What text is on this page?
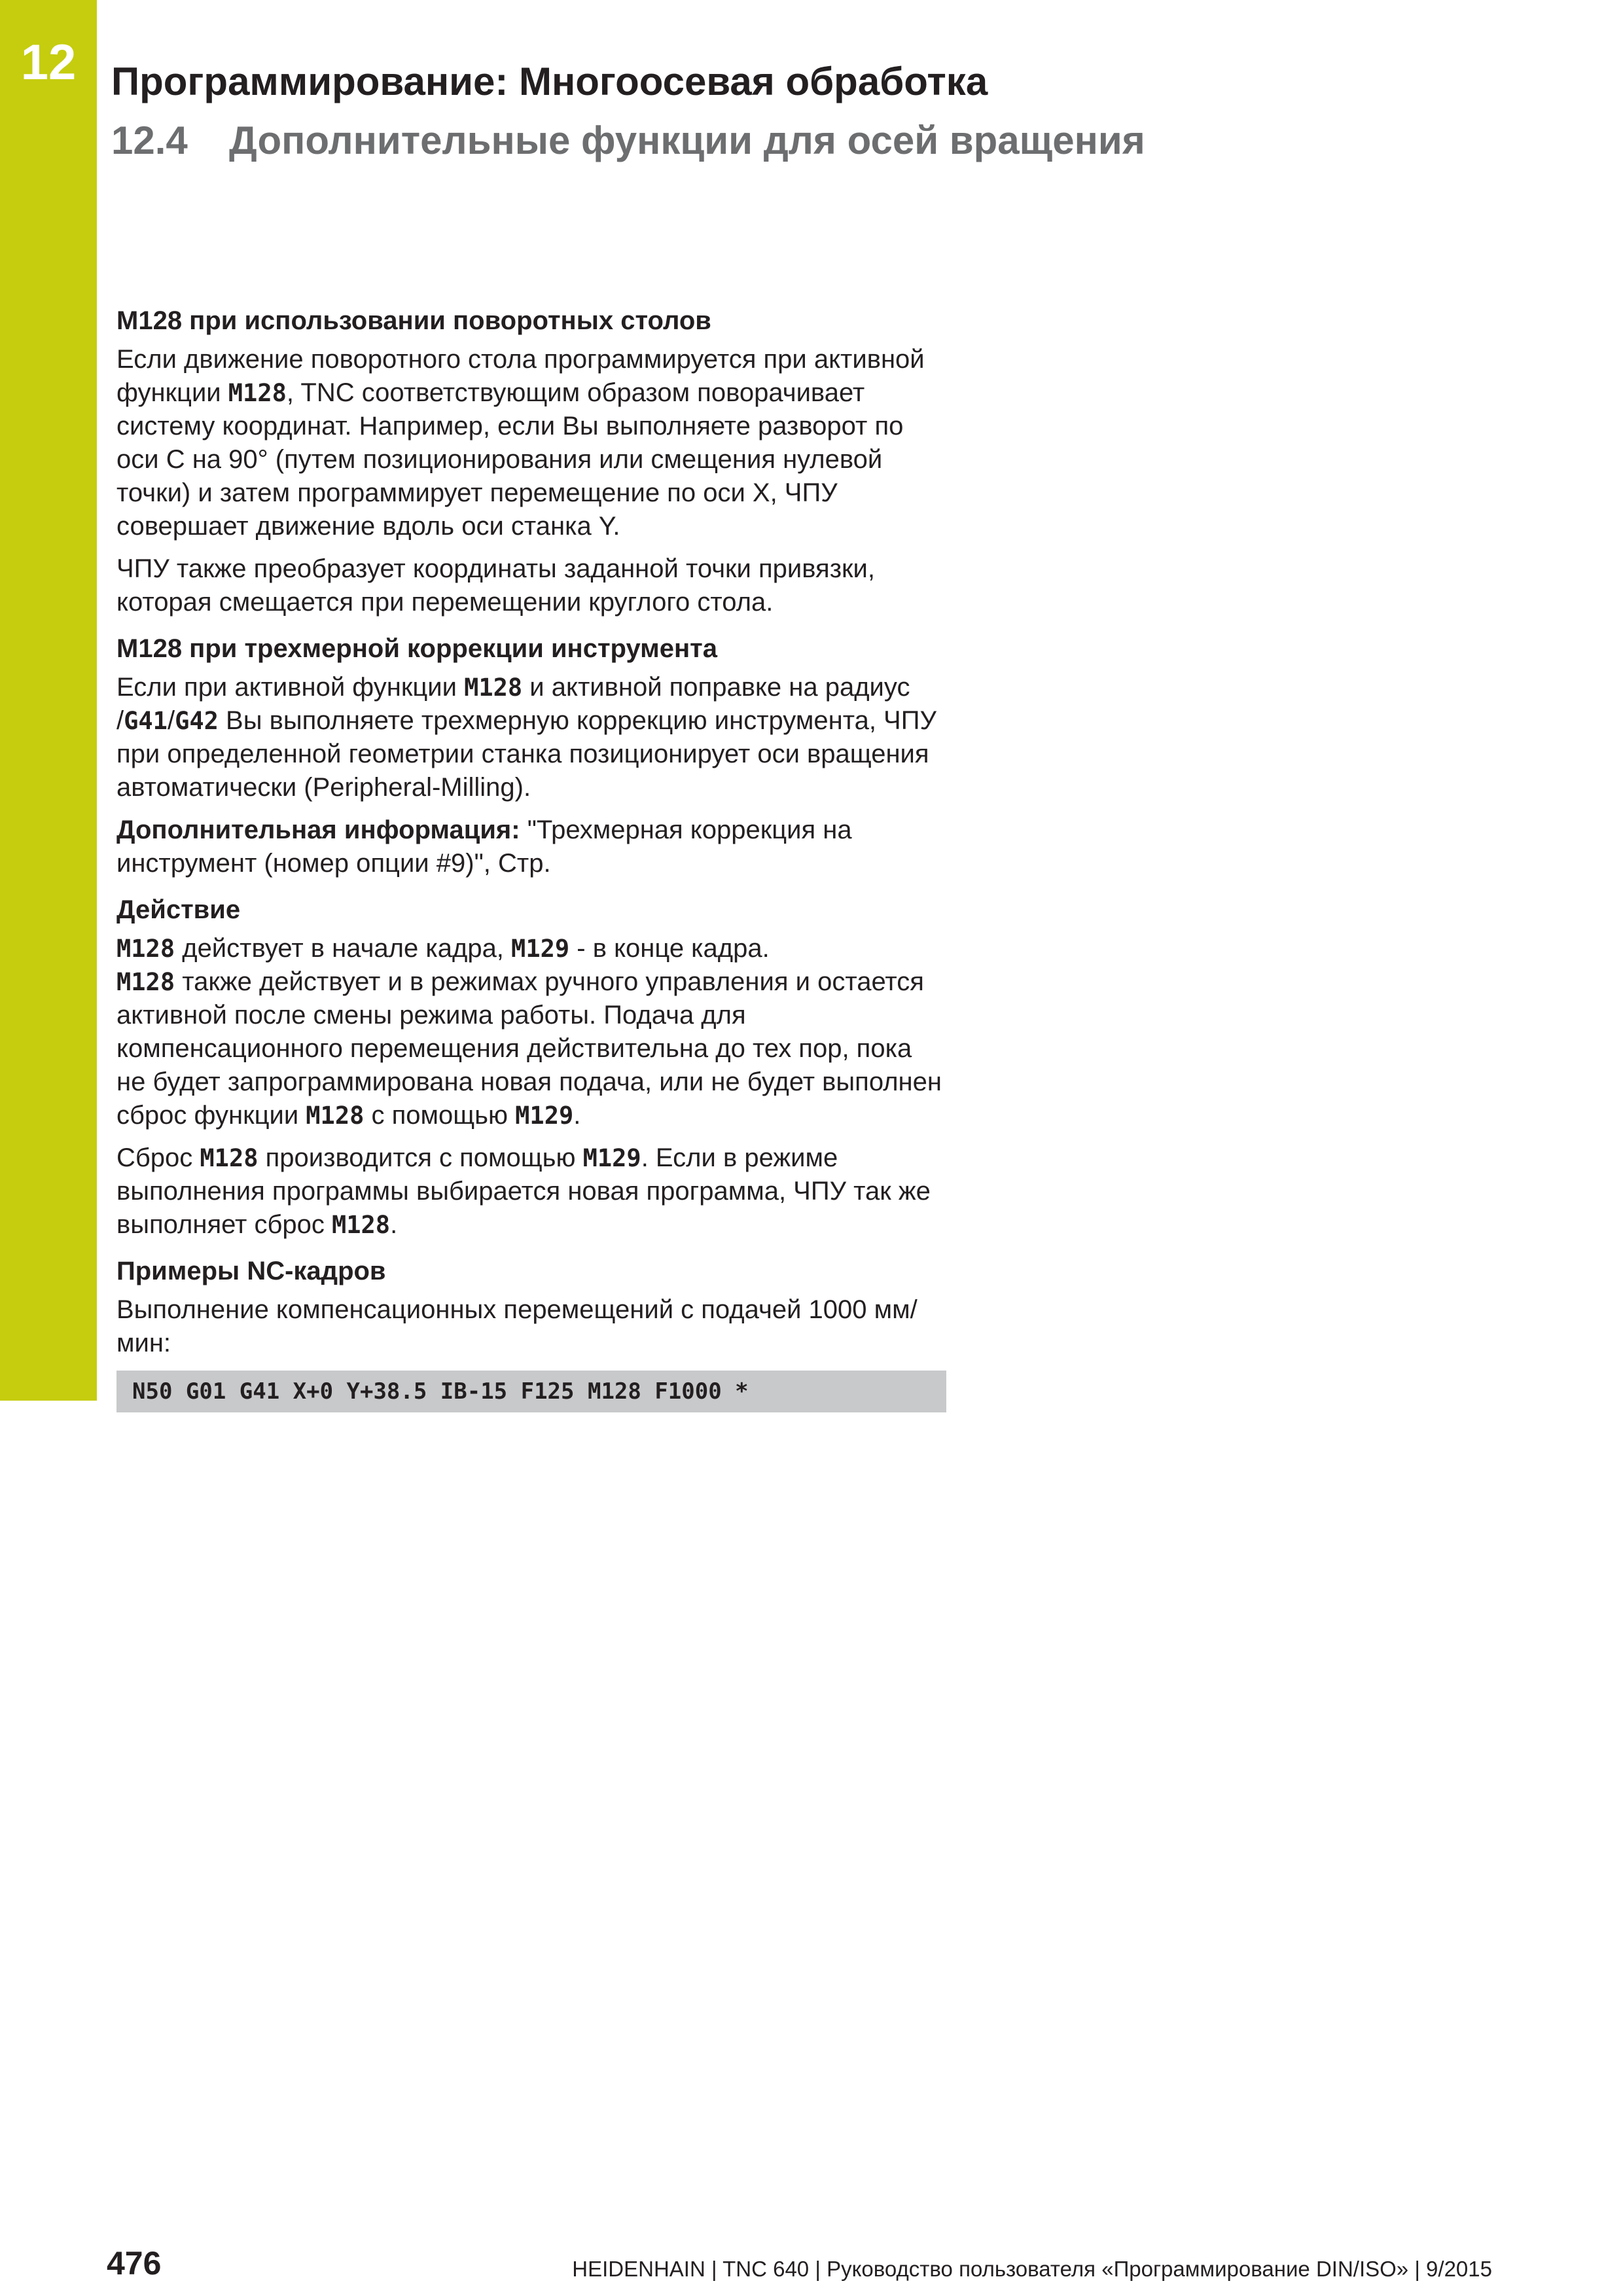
12 Программирование: Многоосевая обработка
12.4 Дополнительные функции для осей вращения
M128 при использовании поворотных столов

Если движение поворотного стола программируется при активной функции M128, TNC соответствующим образом поворачивает систему координат. Например, если Вы выполняете разворот по оси C на 90° (путем позиционирования или смещения нулевой точки) и затем программирует перемещение по оси X, ЧПУ совершает движение вдоль оси станка Y.

ЧПУ также преобразует координаты заданной точки привязки, которая смещается при перемещении круглого стола.

M128 при трехмерной коррекции инструмента

Если при активной функции M128 и активной поправке на радиус /G41/G42 Вы выполняете трехмерную коррекцию инструмента, ЧПУ при определенной геометрии станка позиционирует оси вращения автоматически (Peripheral-Milling).

Дополнительная информация: "Трехмерная коррекция на инструмент (номер опции #9)", Стр.

Действие

M128 действует в начале кадра, M129 - в конце кадра.
M128 также действует и в режимах ручного управления и остается активной после смены режима работы. Подача для компенсационного перемещения действительна до тех пор, пока не будет запрограммирована новая подача, или не будет выполнен сброс функции M128 с помощью M129.

Сброс M128 производится с помощью M129. Если в режиме выполнения программы выбирается новая программа, ЧПУ так же выполняет сброс M128.

Примеры NC-кадров

Выполнение компенсационных перемещений с подачей 1000 мм/мин:

N50 G01 G41 X+0 Y+38.5 IB-15 F125 M128 F1000 *
476	HEIDENHAIN | TNC 640 | Руководство пользователя «Программирование DIN/ISO» | 9/2015
